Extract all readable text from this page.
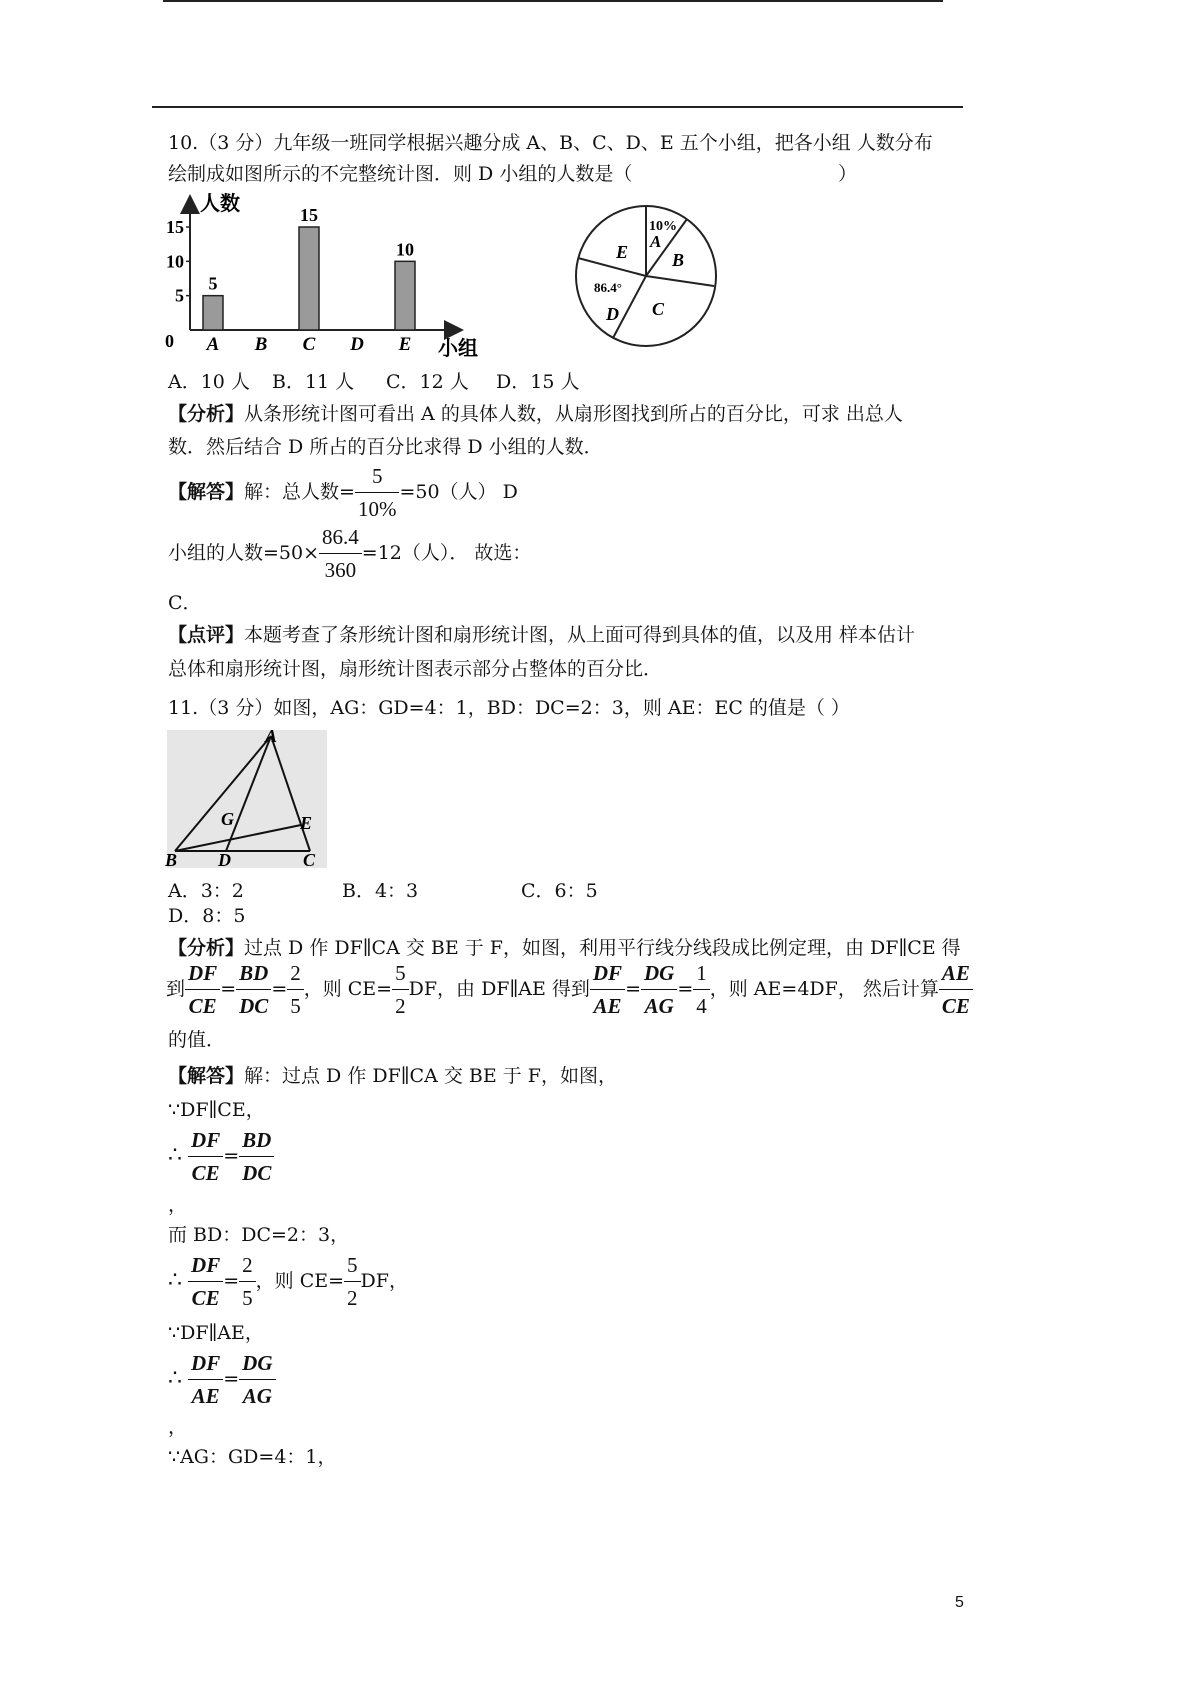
10.（3 分）九年级一班同学根据兴趣分成 A、B、C、D、E 五个小组，把各小组 人数分布
绘制成如图所示的不完整统计图．则 D 小组的人数是（	）
0
5
10
15
5
A B
15
C D
10
E
人数
小组
10%
A
B
C
86.4°
D
E
A．10 人 B．11 人 C．12 人 D．15 人
【分析】从条形统计图可看出 A 的具体人数，从扇形图找到所占的百分比，可求 出总人
数．然后结合 D 所占的百分比求得 D 小组的人数．
【解答】解：总人数= $\frac{5}{10\%} =50$（人） D
小组的人数$=50\times \frac{86.4}{360} =12$（人）． 故选：
C．
【点评】本题考查了条形统计图和扇形统计图，从上面可得到具体的值，以及用 样本估计
总体和扇形统计图，扇形统计图表示部分占整体的百分比．
11.（3 分）如图，AG：GD=4：1，BD：DC=2：3，则 AE：EC 的值是（ ）
A
E
G
B D	C
A．3：2	B．4：3	C．6：5
D．8：5
【分析】过点 D 作 DF∥CA 交 BE 于 F，如图，利用平行线分线段成比例定理，由 DF∥CE 得
到 $\frac{DF}{CE} = \frac{BD}{DC} = \frac{2}{5}$ ，则 $CE= \frac{5}{2}$ DF，由 DF∥AE 得到 $\frac{DF}{AE} = \frac{DG}{AG} = \frac{1}{4}$ ，则 AE=4DF， 然后计算 $\frac{AE}{CE}$
的值．
【解答】解：过点 D 作 DF∥CA 交 BE 于 F，如图，
∵DF∥CE，
∴ $\frac{DF}{CE} = \frac{BD}{DC}$
，
而 BD：DC=2：3，
∴ $\frac{DF}{CE} = \frac{2}{5}$ ，则 $CE= \frac{5}{2}$ DF，
∵DF∥AE，
∴ $\frac{DF}{AE} = \frac{DG}{AG}$
，
∵AG：GD=4：1，
5
